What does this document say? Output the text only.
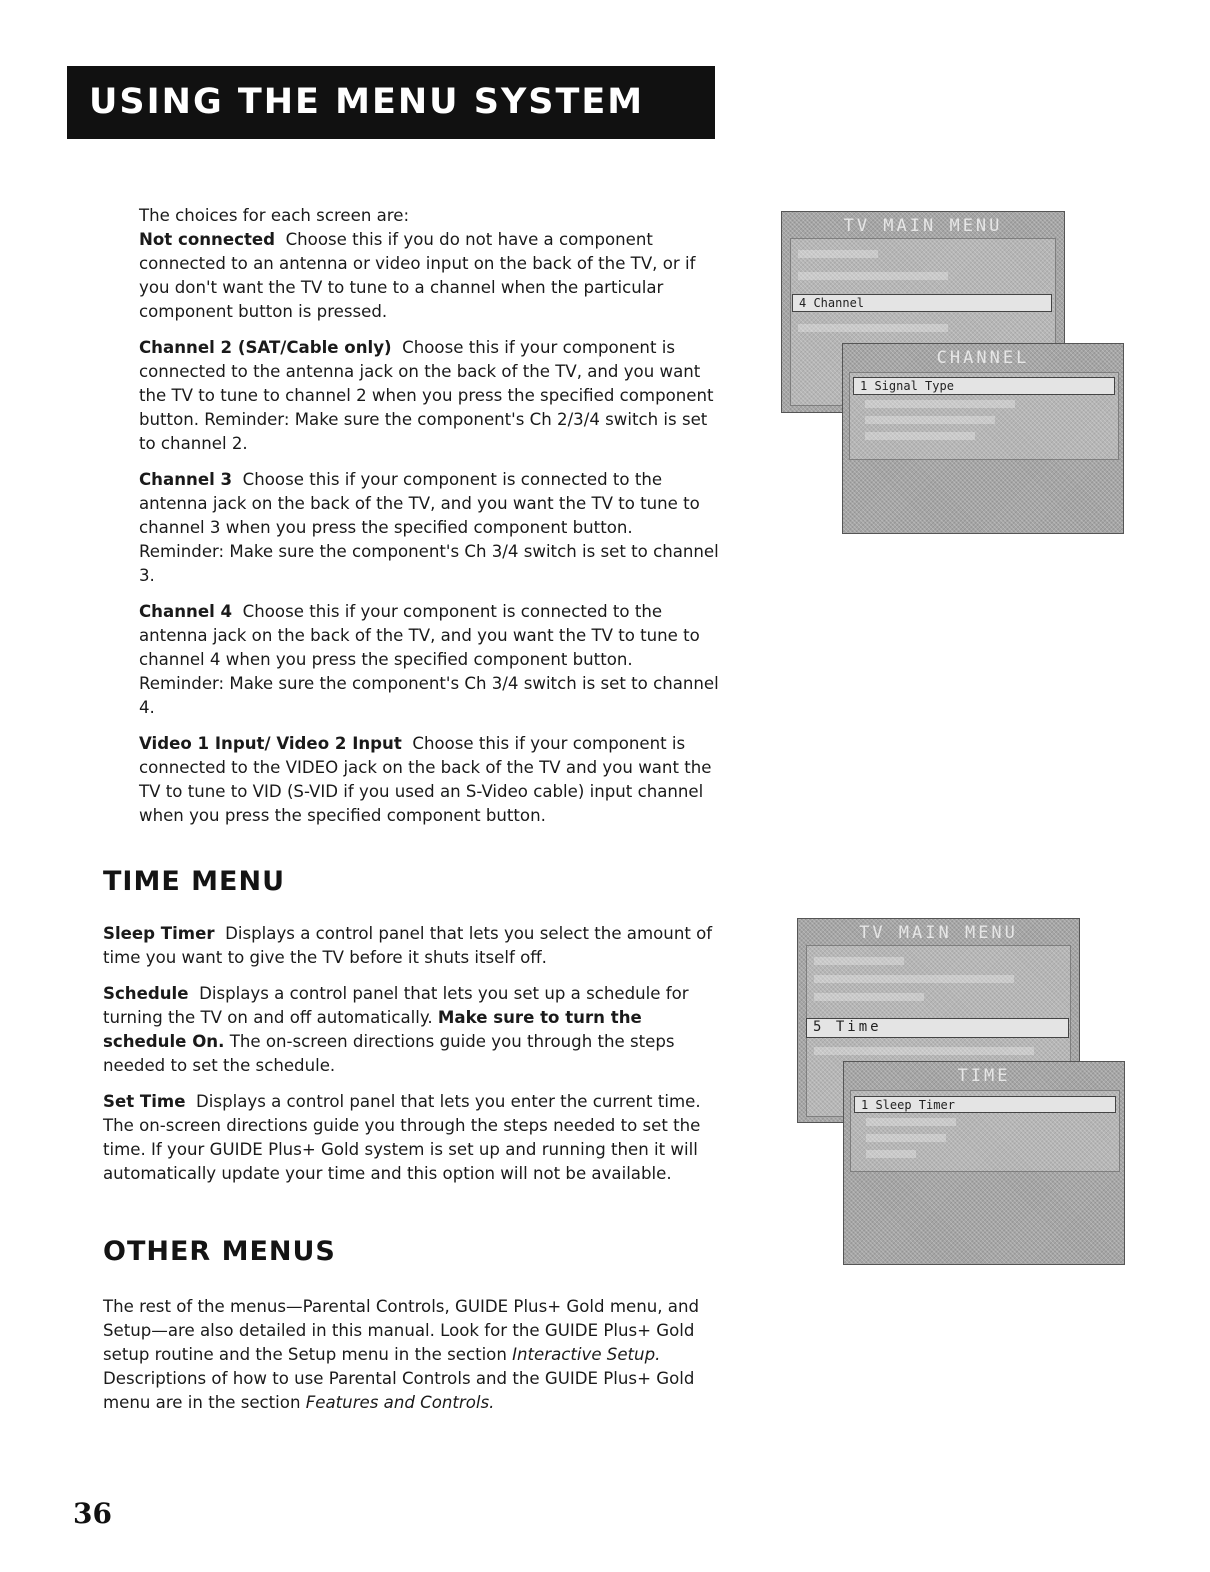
USING THE MENU SYSTEM

The choices for each screen are:

Not connected Choose this if you do not have a component connected to an antenna or video input on the back of the TV, or if you don't want the TV to tune to a channel when the particular component button is pressed.

Channel 2 (SAT/Cable only) Choose this if your component is connected to the antenna jack on the back of the TV, and you want the TV to tune to channel 2 when you press the specified component button. Reminder: Make sure the component's Ch 2/3/4 switch is set to channel 2.

Channel 3 Choose this if your component is connected to the antenna jack on the back of the TV, and you want the TV to tune to channel 3 when you press the specified component button. Reminder: Make sure the component's Ch 3/4 switch is set to channel 3.

Channel 4 Choose this if your component is connected to the antenna jack on the back of the TV, and you want the TV to tune to channel 4 when you press the specified component button. Reminder: Make sure the component's Ch 3/4 switch is set to channel 4.

Video 1 Input/ Video 2 Input Choose this if your component is connected to the VIDEO jack on the back of the TV and you want the TV to tune to VID (S-VID if you used an S-Video cable) input channel when you press the specified component button.

TIME MENU

Sleep Timer Displays a control panel that lets you select the amount of time you want to give the TV before it shuts itself off.

Schedule Displays a control panel that lets you set up a schedule for turning the TV on and off automatically. Make sure to turn the schedule On. The on-screen directions guide you through the steps needed to set the schedule.

Set Time Displays a control panel that lets you enter the current time. The on-screen directions guide you through the steps needed to set the time. If your GUIDE Plus+ Gold system is set up and running then it will automatically update your time and this option will not be available.

OTHER MENUS

The rest of the menus—Parental Controls, GUIDE Plus+ Gold menu, and Setup—are also detailed in this manual. Look for the GUIDE Plus+ Gold setup routine and the Setup menu in the section Interactive Setup. Descriptions of how to use Parental Controls and the GUIDE Plus+ Gold menu are in the section Features and Controls.

TV MAIN MENU
4 Channel
CHANNEL
1 Signal Type
TV MAIN MENU
5 Time
TIME
1 Sleep Timer
36
